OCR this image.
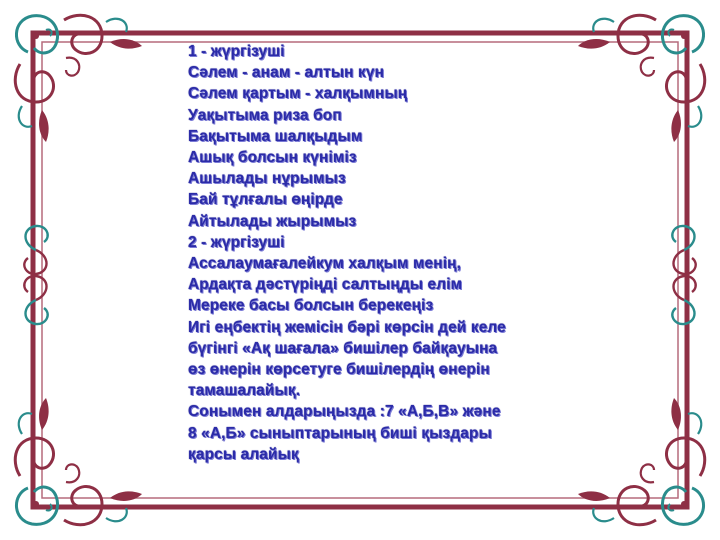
1 - жүргізуші
Сәлем - анам - алтын күн
Сәлем қартым - халқымның
Уақытыма риза боп
Бақытыма шалқыдым
Ашық болсын күніміз
Ашылады нұрымыз
Бай тұлғалы өңірде
Айтылады жырымыз
2 - жүргізуші
Ассалаумағалейкум халқым менің,
Ардақта дәстүріңді салтыңды елім
Мереке басы болсын берекеңіз
Игі еңбектің жемісін бәрі көрсін дей келе
бүгінгі «Ақ шағала» бишілер байқауына
өз өнерін көрсетуге бишілердің өнерін
тамашалайық.
Сонымен алдарыңызда :7 «А,Б,В» және
8 «А,Б» сыныптарының биші қыздары
қарсы алайық
